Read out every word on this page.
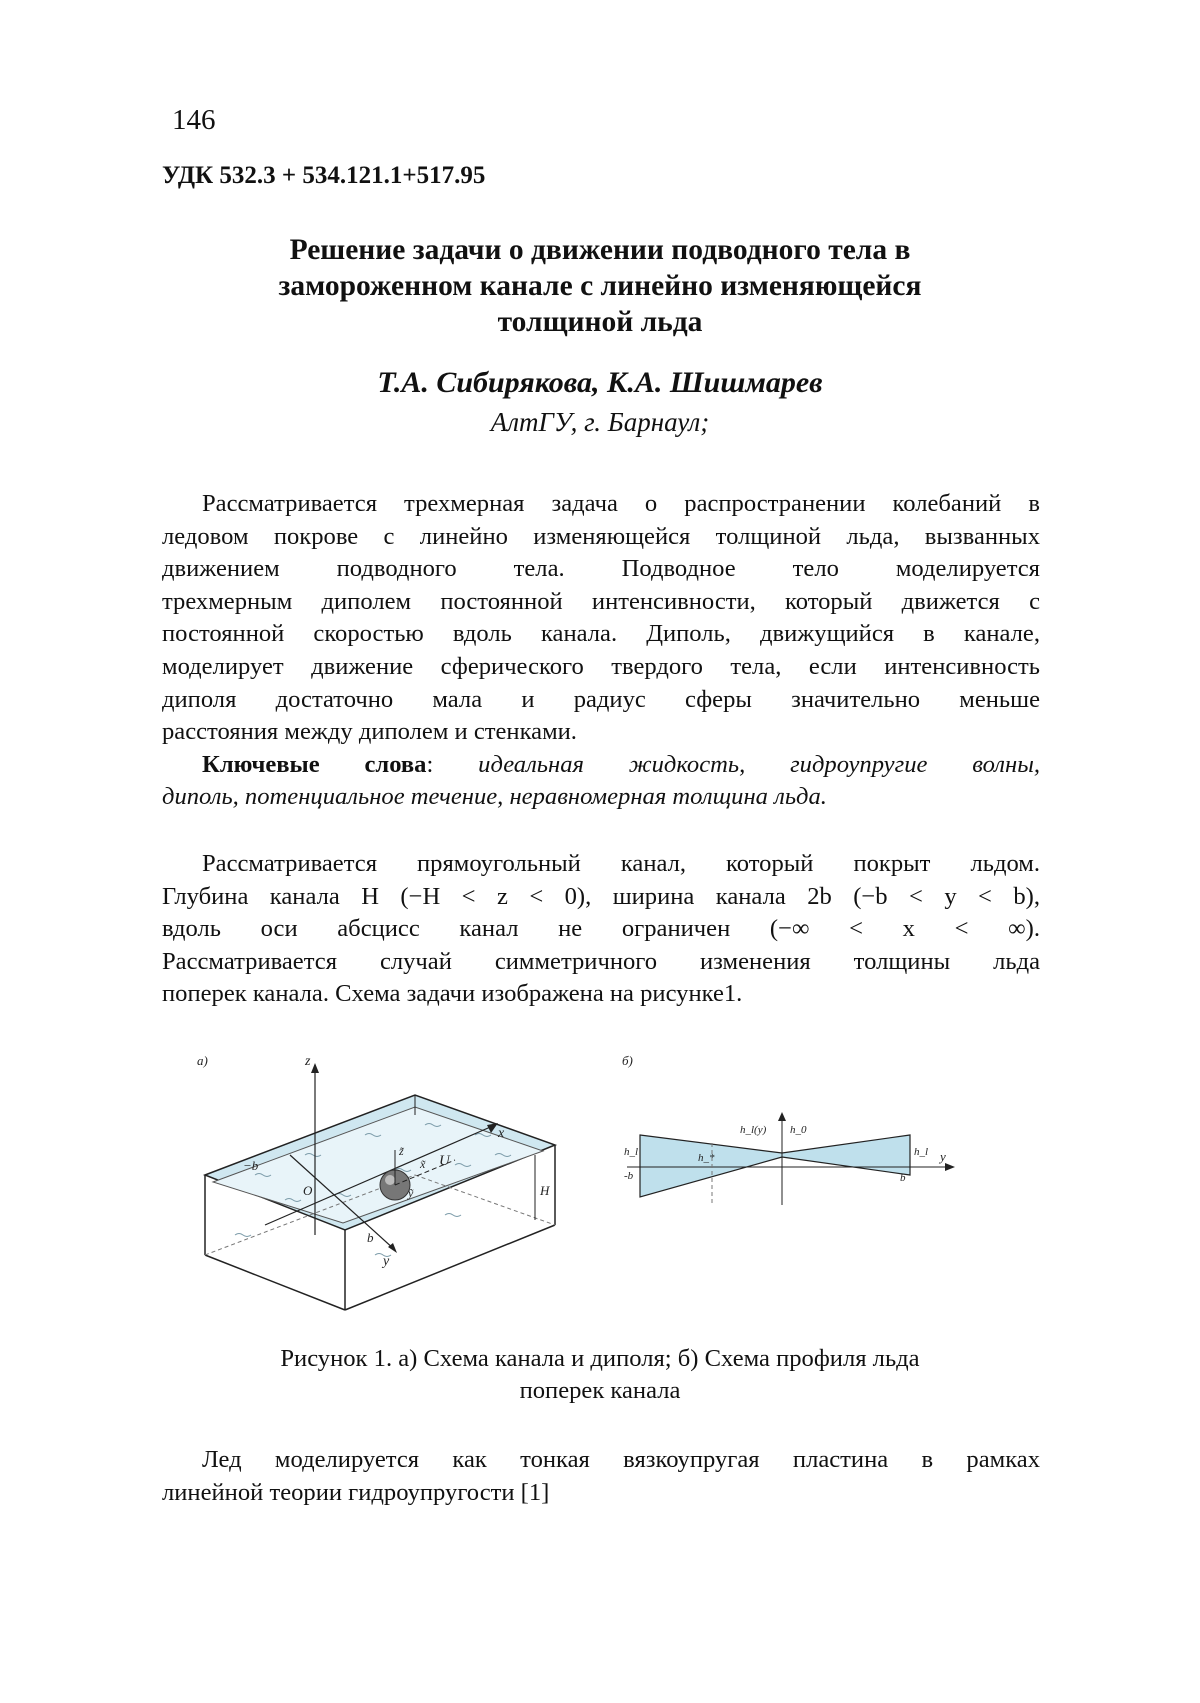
146
УДК 532.3 + 534.121.1+517.95
Решение задачи о движении подводного тела в
замороженном канале с линейно изменяющейся
толщиной льда
Т.А. Сибирякова, К.А. Шишмарев
АлтГУ, г. Барнаул;
Рассматривается трехмерная задача о распространении колебаний в
ледовом покрове с линейно изменяющейся толщиной льда, вызванных
движением подводного тела. Подводное тело моделируется
трехмерным диполем постоянной интенсивности, который движется с
постоянной скоростью вдоль канала. Диполь, движущийся в канале,
моделирует движение сферического твердого тела, если интенсивность
диполя достаточно мала и радиус сферы значительно меньше
расстояния между диполем и стенками.
Ключевые слова: идеальная жидкость, гидроупругие волны,
диполь, потенциальное течение, неравномерная толщина льда.
Рассматривается прямоугольный канал, который покрыт льдом.
Глубина канала H (−H < z < 0), ширина канала 2b (−b < y < b),
вдоль оси абсцисс канал не ограничен (−∞ < x < ∞).
Рассматривается случай симметричного изменения толщины льда
поперек канала. Схема задачи изображена на рисунке1.
а)	z
x
y
O	H
−b
b
z̃
x̃
ỹ
U
б)
h_l
-b
h_*
h_l(y) h_0
h_l
b
y
Рисунок 1. а) Схема канала и диполя; б) Схема профиля льда
поперек канала
Лед моделируется как тонкая вязкоупругая пластина в рамках
линейной теории гидроупругости [1]
